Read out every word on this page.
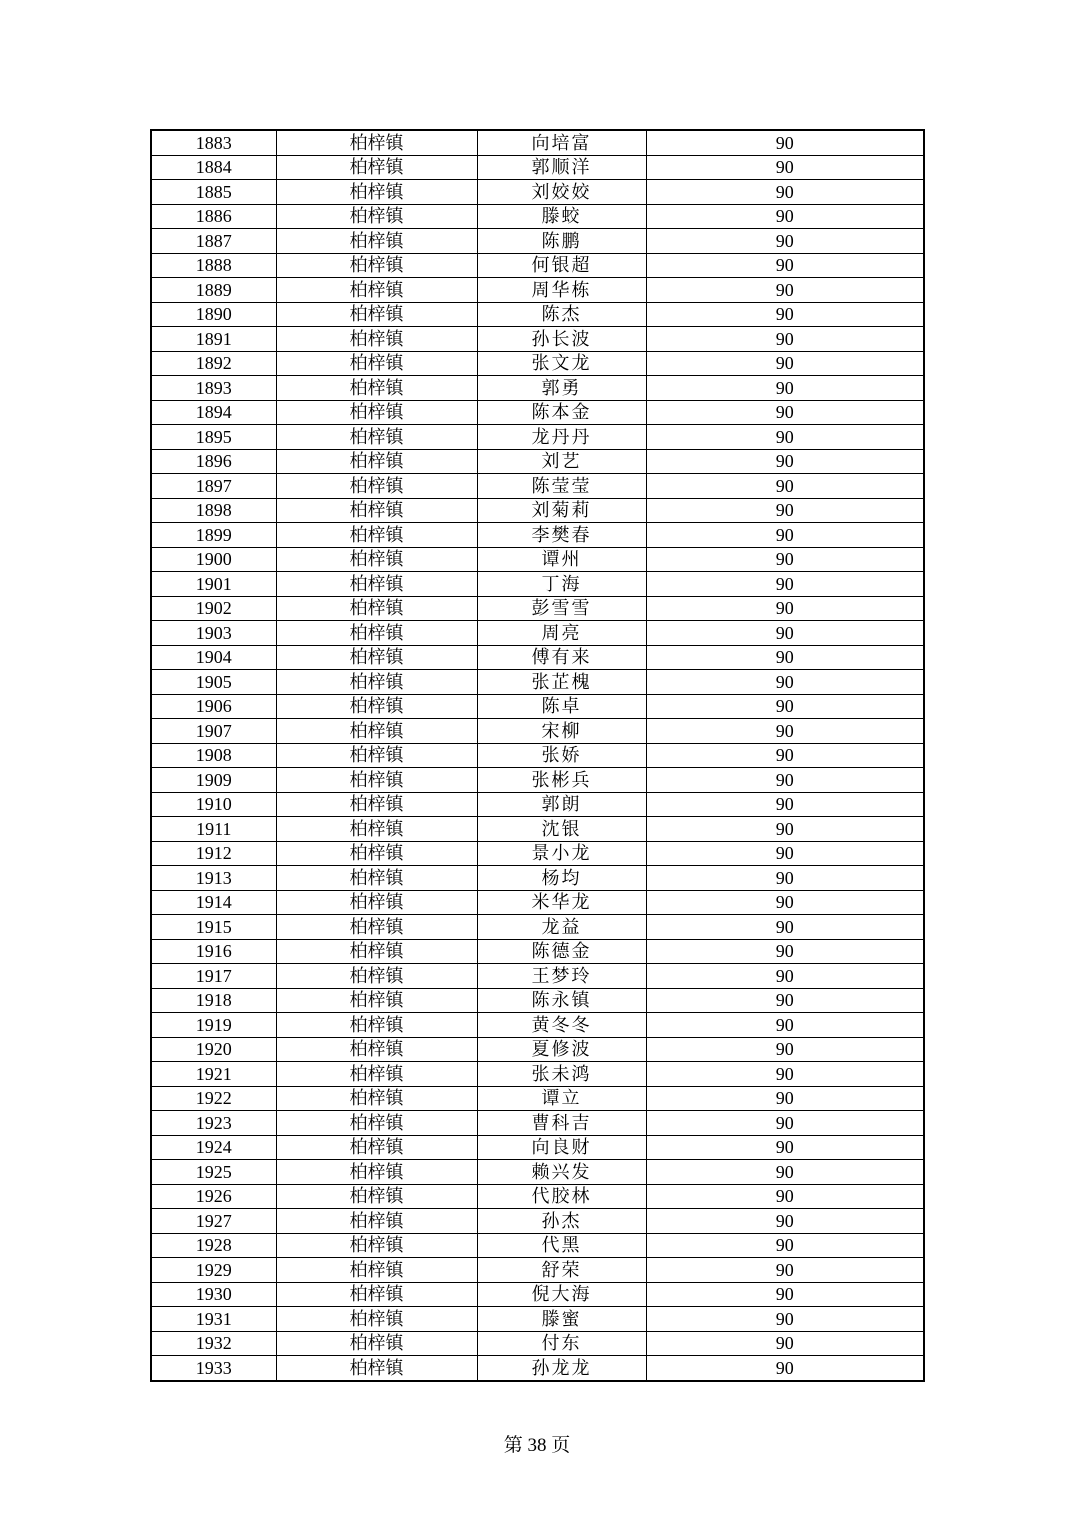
1883	柏梓镇	向培富	90
1884	柏梓镇	郭顺洋	90
1885	柏梓镇	刘姣姣	90
1886	柏梓镇	滕蛟	90
1887	柏梓镇	陈鹏	90
1888	柏梓镇	何银超	90
1889	柏梓镇	周华栋	90
1890	柏梓镇	陈杰	90
1891	柏梓镇	孙长波	90
1892	柏梓镇	张文龙	90
1893	柏梓镇	郭勇	90
1894	柏梓镇	陈本金	90
1895	柏梓镇	龙丹丹	90
1896	柏梓镇	刘艺	90
1897	柏梓镇	陈莹莹	90
1898	柏梓镇	刘菊莉	90
1899	柏梓镇	李樊春	90
1900	柏梓镇	谭州	90
1901	柏梓镇	丁海	90
1902	柏梓镇	彭雪雪	90
1903	柏梓镇	周亮	90
1904	柏梓镇	傅有来	90
1905	柏梓镇	张芷槐	90
1906	柏梓镇	陈卓	90
1907	柏梓镇	宋柳	90
1908	柏梓镇	张娇	90
1909	柏梓镇	张彬兵	90
1910	柏梓镇	郭朗	90
1911	柏梓镇	沈银	90
1912	柏梓镇	景小龙	90
1913	柏梓镇	杨均	90
1914	柏梓镇	米华龙	90
1915	柏梓镇	龙益	90
1916	柏梓镇	陈德金	90
1917	柏梓镇	王梦玲	90
1918	柏梓镇	陈永镇	90
1919	柏梓镇	黄冬冬	90
1920	柏梓镇	夏修波	90
1921	柏梓镇	张未鸿	90
1922	柏梓镇	谭立	90
1923	柏梓镇	曹科吉	90
1924	柏梓镇	向良财	90
1925	柏梓镇	赖兴发	90
1926	柏梓镇	代胶林	90
1927	柏梓镇	孙杰	90
1928	柏梓镇	代黑	90
1929	柏梓镇	舒荣	90
1930	柏梓镇	倪大海	90
1931	柏梓镇	滕蜜	90
1932	柏梓镇	付东	90
1933	柏梓镇	孙龙龙	90
第 38 页
